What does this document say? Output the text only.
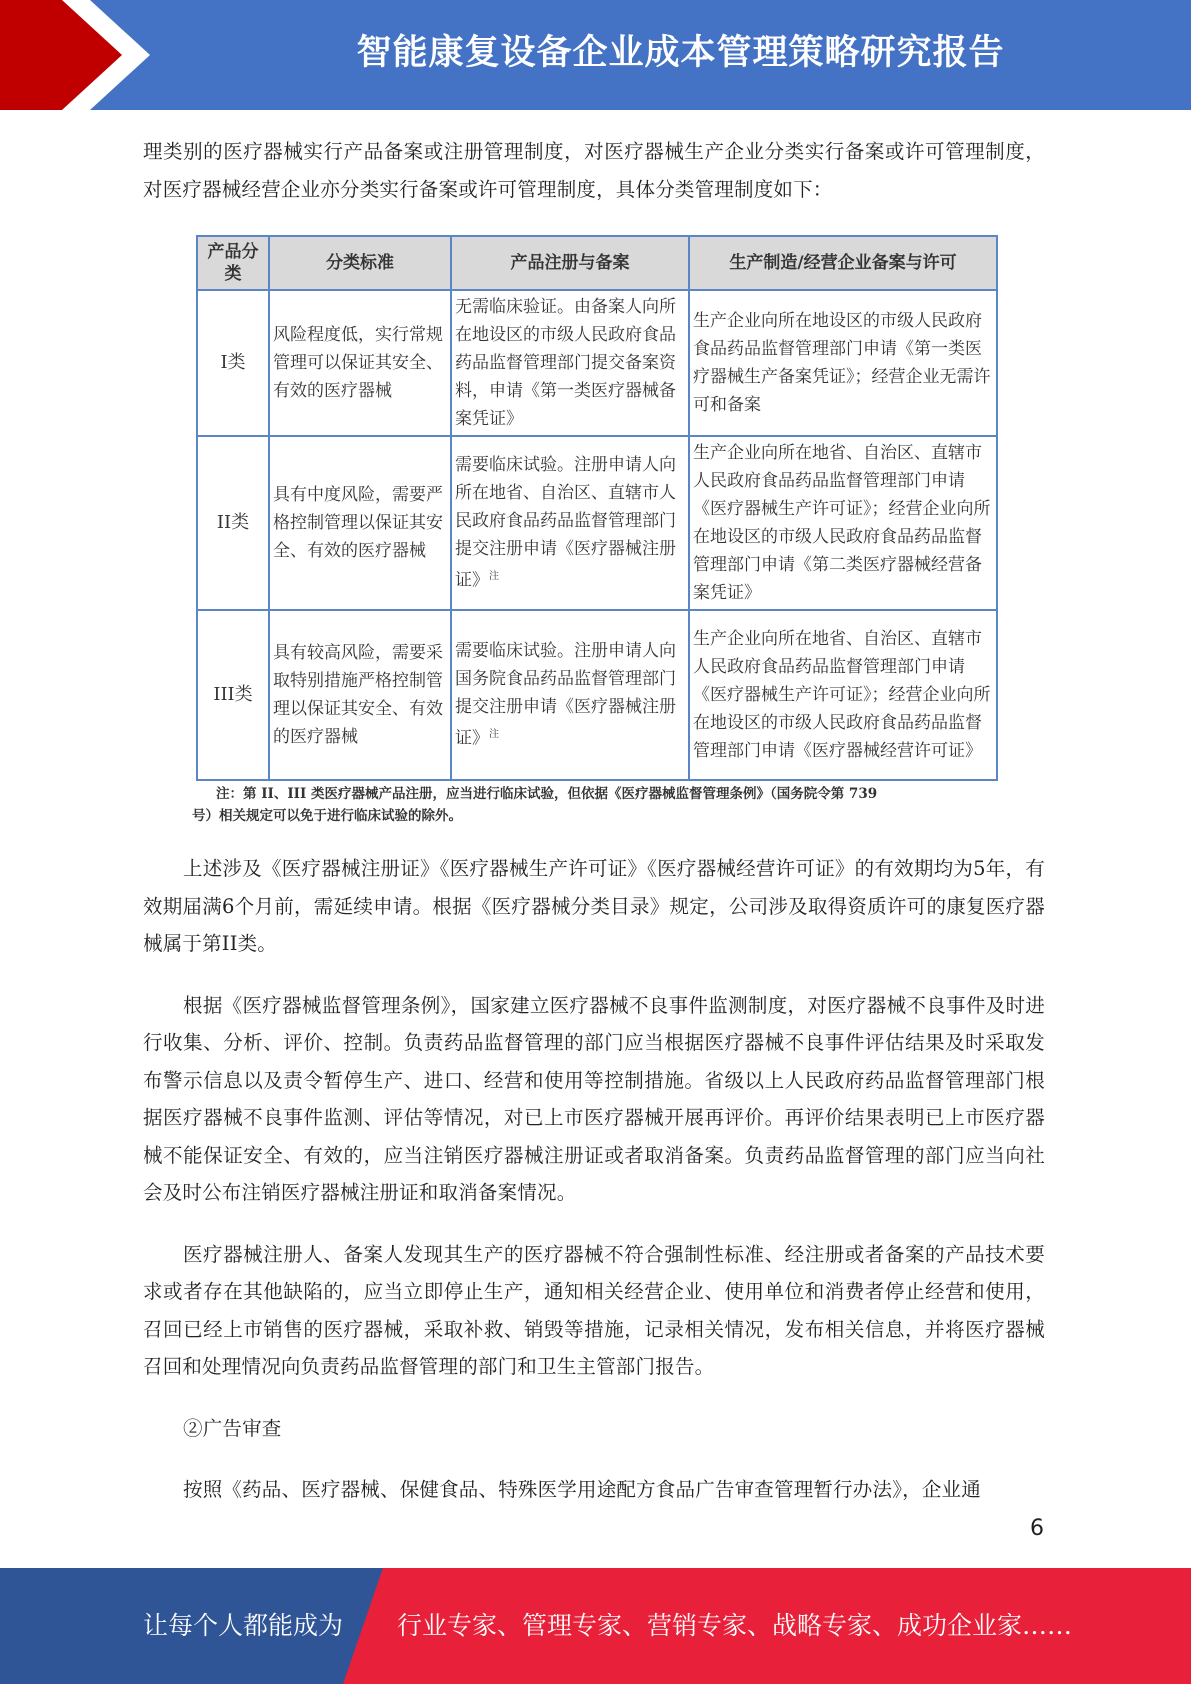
智能康复设备企业成本管理策略研究报告

理类别的医疗器械实行产品备案或注册管理制度，对医疗器械生产企业分类实行备案或许可管理制度，对医疗器械经营企业亦分类实行备案或许可管理制度，具体分类管理制度如下：

产品分类	分类标准	产品注册与备案	生产制造/经营企业备案与许可
I类	风险程度低，实行常规管理可以保证其安全、有效的医疗器械	无需临床验证。由备案人向所在地设区的市级人民政府食品药品监督管理部门提交备案资料，申请《第一类医疗器械备案凭证》	生产企业向所在地设区的市级人民政府食品药品监督管理部门申请《第一类医疗器械生产备案凭证》；经营企业无需许可和备案
II类	具有中度风险，需要严格控制管理以保证其安全、有效的医疗器械	需要临床试验。注册申请人向所在地省、自治区、直辖市人民政府食品药品监督管理部门提交注册申请《医疗器械注册证》$^注$	生产企业向所在地省、自治区、直辖市人民政府食品药品监督管理部门申请《医疗器械生产许可证》；经营企业向所在地设区的市级人民政府食品药品监督管理部门申请《第二类医疗器械经营备案凭证》
III类	具有较高风险，需要采取特别措施严格控制管理以保证其安全、有效的医疗器械	需要临床试验。注册申请人向国务院食品药品监督管理部门提交注册申请《医疗器械注册证》$^注$	生产企业向所在地省、自治区、直辖市人民政府食品药品监督管理部门申请《医疗器械生产许可证》；经营企业向所在地设区的市级人民政府食品药品监督管理部门申请《医疗器械经营许可证》
注：第 II、III 类医疗器械产品注册，应当进行临床试验，但依据《医疗器械监督管理条例》（国务院令第 739
号）相关规定可以免于进行临床试验的除外。

上述涉及《医疗器械注册证》《医疗器械生产许可证》《医疗器械经营许可证》的有效期均为5年，有效期届满6个月前，需延续申请。根据《医疗器械分类目录》规定，公司涉及取得资质许可的康复医疗器械属于第II类。

根据《医疗器械监督管理条例》，国家建立医疗器械不良事件监测制度，对医疗器械不良事件及时进行收集、分析、评价、控制。负责药品监督管理的部门应当根据医疗器械不良事件评估结果及时采取发布警示信息以及责令暂停生产、进口、经营和使用等控制措施。省级以上人民政府药品监督管理部门根据医疗器械不良事件监测、评估等情况，对已上市医疗器械开展再评价。再评价结果表明已上市医疗器械不能保证安全、有效的，应当注销医疗器械注册证或者取消备案。负责药品监督管理的部门应当向社会及时公布注销医疗器械注册证和取消备案情况。

医疗器械注册人、备案人发现其生产的医疗器械不符合强制性标准、经注册或者备案的产品技术要求或者存在其他缺陷的，应当立即停止生产，通知相关经营企业、使用单位和消费者停止经营和使用，召回已经上市销售的医疗器械，采取补救、销毁等措施，记录相关情况，发布相关信息，并将医疗器械召回和处理情况向负责药品监督管理的部门和卫生主管部门报告。

②广告审查

按照《药品、医疗器械、保健食品、特殊医学用途配方食品广告审查管理暂行办法》，企业通

6
让每个人都能成为 行业专家、管理专家、营销专家、战略专家、成功企业家……
